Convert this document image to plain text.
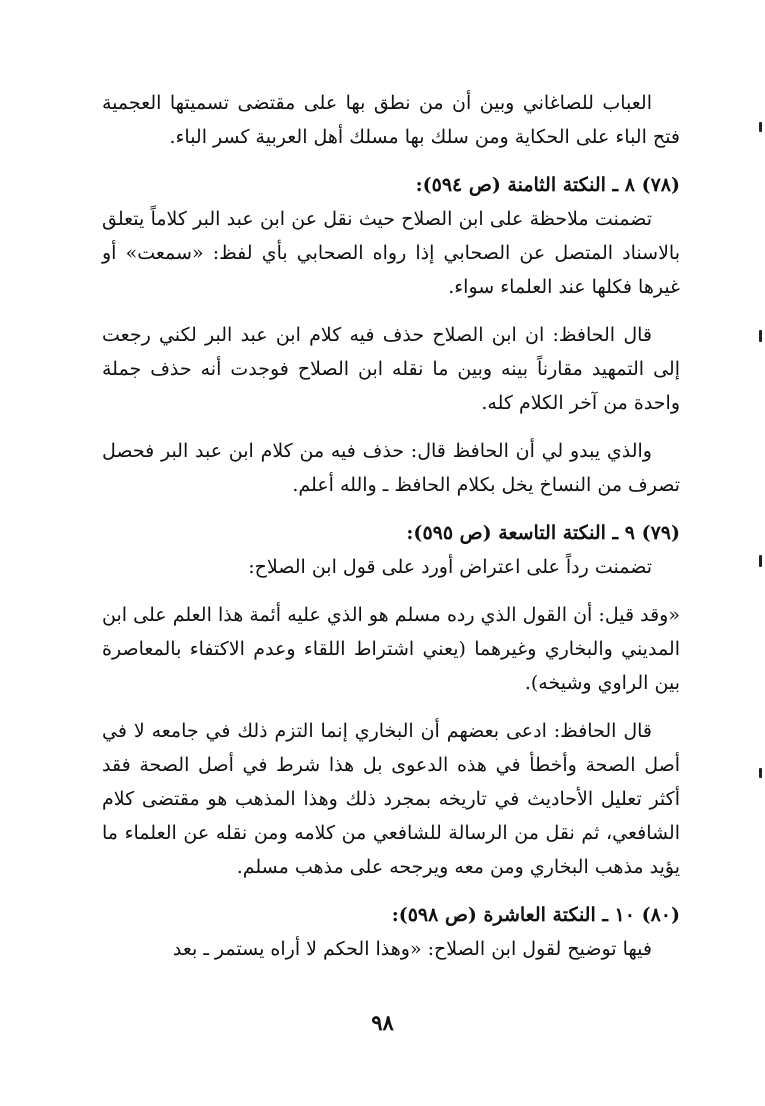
العباب للصاغاني وبين أن من نطق بها على مقتضى تسميتها العجمية فتح الباء على الحكاية ومن سلك بها مسلك أهل العربية كسر الباء.

(٧٨) ٨ ـ النكتة الثامنة (ص ٥٩٤):

تضمنت ملاحظة على ابن الصلاح حيث نقل عن ابن عبد البر كلاماً يتعلق بالاسناد المتصل عن الصحابي إذا رواه الصحابي بأي لفظ: «سمعت» أو غيرها فكلها عند العلماء سواء.

قال الحافظ: ان ابن الصلاح حذف فيه كلام ابن عبد البر لكني رجعت إلى التمهيد مقارناً بينه وبين ما نقله ابن الصلاح فوجدت أنه حذف جملة واحدة من آخر الكلام كله.

والذي يبدو لي أن الحافظ قال: حذف فيه من كلام ابن عبد البر فحصل تصرف من النساخ يخل بكلام الحافظ ـ والله أعلم.

(٧٩) ٩ ـ النكتة التاسعة (ص ٥٩٥):

تضمنت رداً على اعتراض أورد على قول ابن الصلاح:

«وقد قيل: أن القول الذي رده مسلم هو الذي عليه أئمة هذا العلم على ابن المديني والبخاري وغيرهما (يعني اشتراط اللقاء وعدم الاكتفاء بالمعاصرة بين الراوي وشيخه).

قال الحافظ: ادعى بعضهم أن البخاري إنما التزم ذلك في جامعه لا في أصل الصحة وأخطأ في هذه الدعوى بل هذا شرط في أصل الصحة فقد أكثر تعليل الأحاديث في تاريخه بمجرد ذلك وهذا المذهب هو مقتضى كلام الشافعي، ثم نقل من الرسالة للشافعي من كلامه ومن نقله عن العلماء ما يؤيد مذهب البخاري ومن معه ويرجحه على مذهب مسلم.

(٨٠) ١٠ ـ النكتة العاشرة (ص ٥٩٨):

فيها توضيح لقول ابن الصلاح: «وهذا الحكم لا أراه يستمر ـ بعد

٩٨
